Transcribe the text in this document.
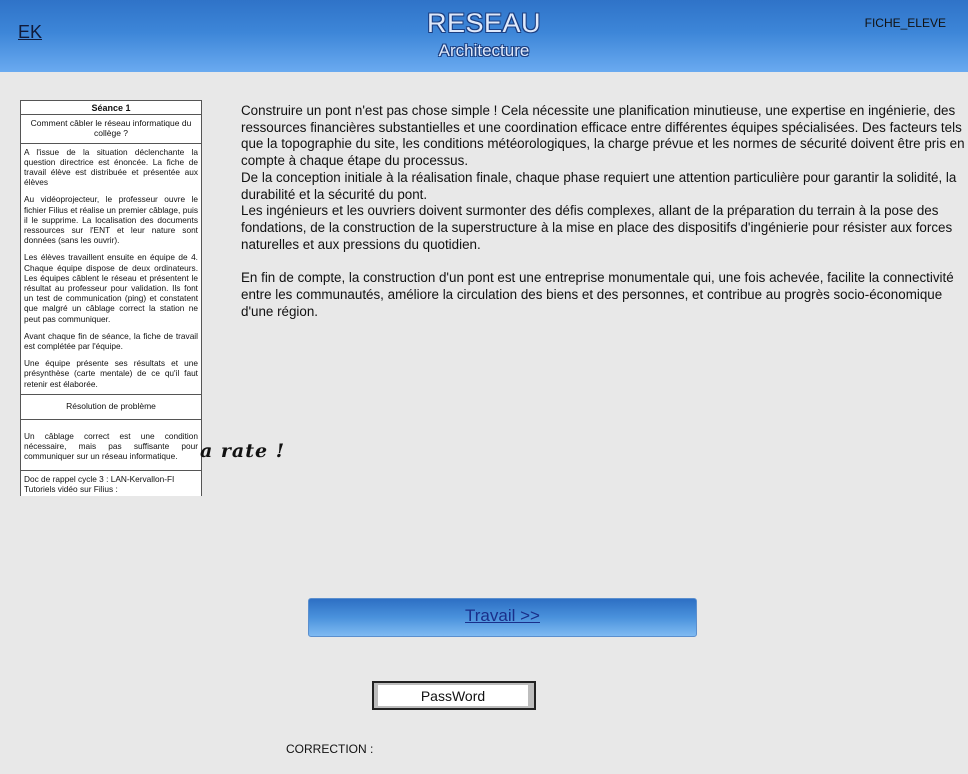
EK	RESEAU
Architecture
FICHE_ELEVE
Séance 1
Comment câbler le réseau informatique du collège ?

A l'issue de la situation déclenchante la question directrice est énoncée. La fiche de travail élève est distribuée et présentée aux élèves

Au vidéoprojecteur, le professeur ouvre le fichier Filius et réalise un premier câblage, puis il le supprime. La localisation des documents ressources sur l'ENT et leur nature sont données (sans les ouvrir).

Les élèves travaillent ensuite en équipe de 4. Chaque équipe dispose de deux ordinateurs. Les équipes câblent le réseau et présentent le résultat au professeur pour validation. Ils font un test de communication (ping) et constatent que malgré un câblage correct la station ne peut pas communiquer.

Avant chaque fin de séance, la fiche de travail est complétée par l'équipe.

Une équipe présente ses résultats et une présynthèse (carte mentale) de ce qu'il faut retenir est élaborée.

Résolution de problème
Un câblage correct est une condition nécessaire, mais pas suffisante pour communiquer sur un réseau informatique.
Doc de rappel cycle 3 : LAN-Kervallon-FI
Tutoriels vidéo sur Filius :
a rate !

Construire un pont n'est pas chose simple ! Cela nécessite une planification minutieuse, une expertise en ingénierie, des ressources financières substantielles et une coordination efficace entre différentes équipes spécialisées. Des facteurs tels que la topographie du site, les conditions météorologiques, la charge prévue et les normes de sécurité doivent être pris en compte à chaque étape du processus.

De la conception initiale à la réalisation finale, chaque phase requiert une attention particulière pour garantir la solidité, la durabilité et la sécurité du pont.

Les ingénieurs et les ouvriers doivent surmonter des défis complexes, allant de la préparation du terrain à la pose des fondations, de la construction de la superstructure à la mise en place des dispositifs d'ingénierie pour résister aux forces naturelles et aux pressions du quotidien.

En fin de compte, la construction d'un pont est une entreprise monumentale qui, une fois achevée, facilite la connectivité entre les communautés, améliore la circulation des biens et des personnes, et contribue au progrès socio-économique d'une région.

Travail >>
PassWord
CORRECTION :
